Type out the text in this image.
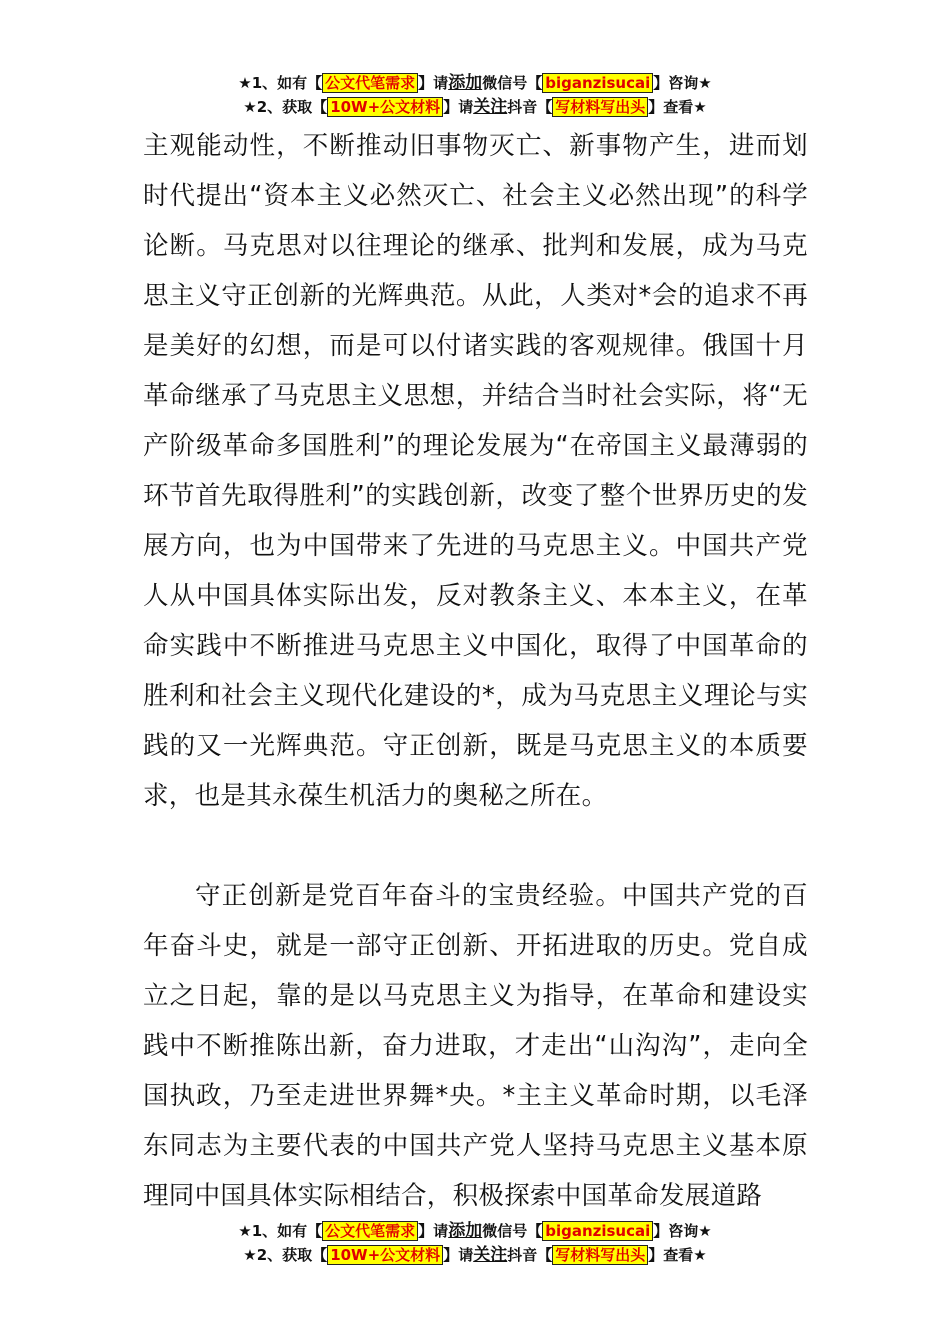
★1、如有【 公文代笔需求 】请添加微信号【 biganzisucai 】咨询★
★2、获取【 10W+公文材料 】请关注抖音【 写材料写出头 】查看★

主观能动性，不断推动旧事物灭亡、新事物产生，进而划时代提出“资本主义必然灭亡、社会主义必然出现”的科学论断。马克思对以往理论的继承、批判和发展，成为马克思主义守正创新的光辉典范。从此，人类对*会的追求不再是美好的幻想，而是可以付诸实践的客观规律。俄国十月革命继承了马克思主义思想，并结合当时社会实际，将“无产阶级革命多国胜利”的理论发展为“在帝国主义最薄弱的环节首先取得胜利”的实践创新，改变了整个世界历史的发展方向，也为中国带来了先进的马克思主义。中国共产党人从中国具体实际出发，反对教条主义、本本主义，在革命实践中不断推进马克思主义中国化，取得了中国革命的胜利和社会主义现代化建设的*，成为马克思主义理论与实践的又一光辉典范。守正创新，既是马克思主义的本质要求，也是其永葆生机活力的奥秘之所在。

守正创新是党百年奋斗的宝贵经验。中国共产党的百年奋斗史，就是一部守正创新、开拓进取的历史。党自成立之日起，靠的是以马克思主义为指导，在革命和建设实践中不断推陈出新，奋力进取，才走出“山沟沟”，走向全国执政，乃至走进世界舞*央。*主主义革命时期，以毛泽东同志为主要代表的中国共产党人坚持马克思主义基本原理同中国具体实际相结合，积极探索中国革命发展道路

★1、如有【 公文代笔需求 】请添加微信号【 biganzisucai 】咨询★
★2、获取【 10W+公文材料 】请关注抖音【 写材料写出头 】查看★
